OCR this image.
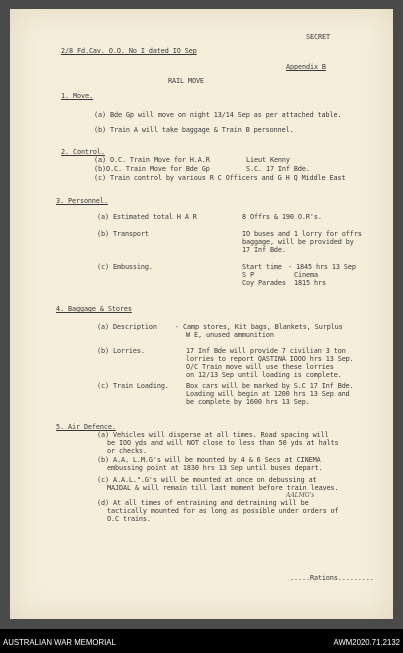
SECRET
2/8 Fd.Cav. O.O. No I dated IO Sep
Appendix B
RAIL MOVE
1. Move.
(a) Bde Gp will move on night 13/14 Sep as per attached table.
(b) Train A will take baggage & Train B personnel.
2. Control.
(a) O.C. Train Move for H.A.R	Lieut Kenny
(b)O.C. Train Move for Bde Gp	S.C. 17 Inf Bde.
(c) Train control by various R C Officers and G H Q Middle East
3. Personnel.
(a) Estimated total H A R	8 Offrs & 190 O.R's.
(b) Transport	IO buses and 1 lorry for offrs
baggage, will be provided by
17 Inf Bde.
(c) Embussing.	Start time - 1845 hrs 13 Sep
S P	Cinema
Coy Parades 1815 hrs
4. Baggage & Stores
(a) Description	- Camp stores, Kit bags, Blankets, Surplus
W E, unused ammunition
(b) Lorries.	17 Inf Bde will provide 7 civilian 3 ton
lorries to report QASTINA IOOO hrs 13 Sep.
O/C Train move will use these lorries
on 12/13 Sep until loading is complete.
(c) Train Loading.	Box cars will be marked by S.C 17 Inf Bde.
Loading will begin at 1200 hrs 13 Sep and
be complete by 1600 hrs 13 Sep.
5. Air Defence.
(a) Vehicles will disperse at all times. Road spacing will
be IOO yds and will NOT close to less than 50 yds at halts
or checks.
(b) A.A. L.M.G's will be mounted by 4 & 6 Secs at CINEMA
embussing point at 1830 hrs 13 Sep until buses depart.
(c) A.A.L.".G's will be mounted at once on debussing at
MAJDAL & will remain till last moment before train leaves.
AALMG's
(d) At all times of entraining and detraining will be
tactically mounted for as long as possible under orders of
O.C trains.
.....Rations.........
AUSTRALIAN WAR MEMORIAL	AWM2020.71.2132
